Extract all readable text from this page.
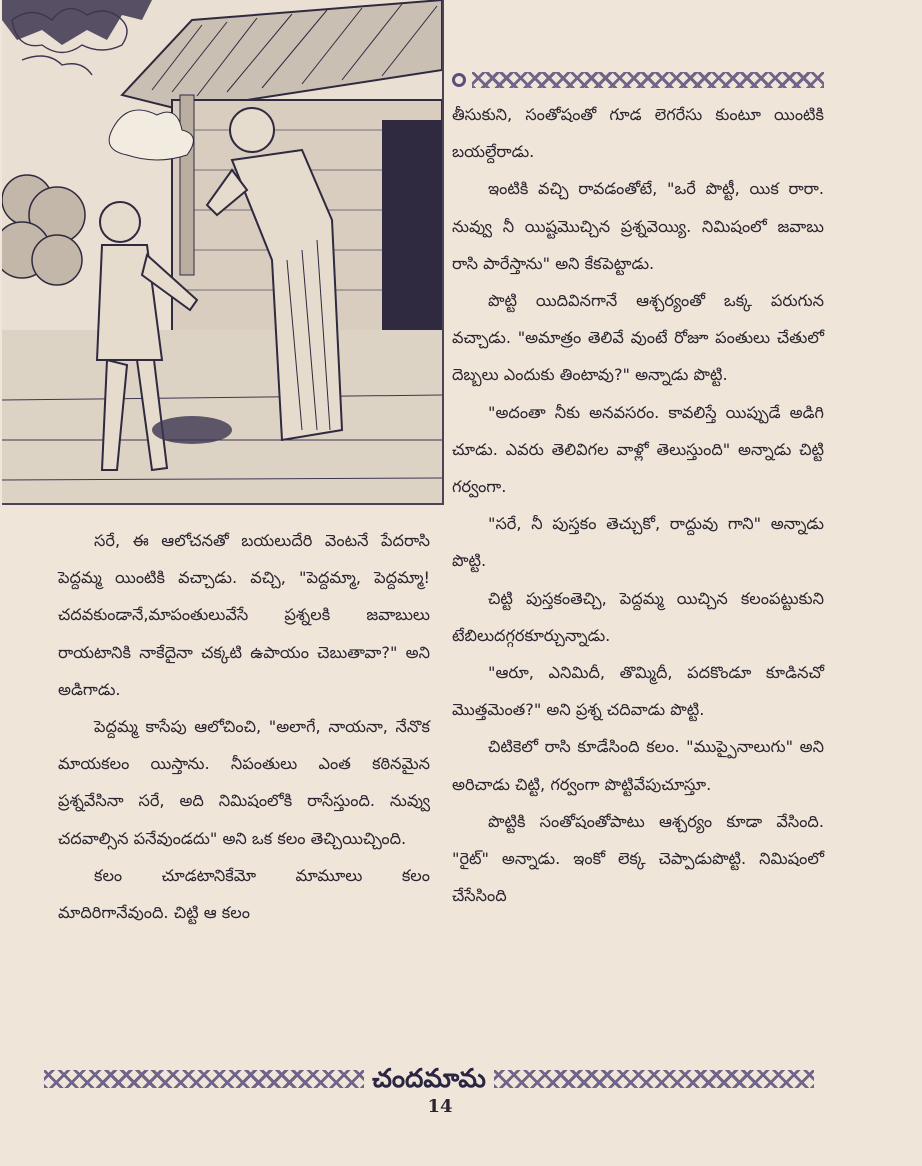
తీసుకుని, సంతోషంతో గూడ లెగరేసు కుంటూ యింటికి బయల్దేరాడు.

ఇంటికి వచ్చి రావడంతోటే, "ఒరే పొట్టీ, యిక రారా. నువ్వు నీ యిష్టమొచ్చిన ప్రశ్నవెయ్యి. నిమిషంలో జవాబు రాసి పారేస్తాను" అని కేకపెట్టాడు.

పొట్టి యిదివినగానే ఆశ్చర్యంతో ఒక్క పరుగున వచ్చాడు. "అమాత్రం తెలివే వుంటే రోజూ పంతులు చేతులో దెబ్బలు ఎందుకు తింటావు?" అన్నాడు పొట్టి.

"అదంతా నీకు అనవసరం. కావలిస్తే యిప్పుడే అడిగి చూడు. ఎవరు తెలివిగల వాళ్లో తెలుస్తుంది" అన్నాడు చిట్టి గర్వంగా.

"సరే, నీ పుస్తకం తెచ్చుకో, రాద్దువు గాని" అన్నాడు పొట్టి.

చిట్టి పుస్తకంతెచ్చి, పెద్దమ్మ యిచ్చిన కలంపట్టుకుని టేబిలుదగ్గరకూర్చున్నాడు.

"ఆరూ, ఎనిమిదీ, తొమ్మిదీ, పదకొండూ కూడినచో మొత్తమెంత?" అని ప్రశ్న చదివాడు పొట్టి.

చిటికెలో రాసి కూడేసింది కలం. "ముప్పైనాలుగు" అని అరిచాడు చిట్టి, గర్వంగా పొట్టివేపుచూస్తూ.

పొట్టికి సంతోషంతోపాటు ఆశ్చర్యం కూడా వేసింది. "రైట్" అన్నాడు. ఇంకో లెక్క చెప్పాడుపొట్టి. నిమిషంలో చేసేసింది

సరే, ఈ ఆలోచనతో బయలుదేరి వెంటనే పేదరాసి పెద్దమ్మ యింటికి వచ్చాడు. వచ్చి, "పెద్దమ్మా, పెద్దమ్మా! చదవకుండానే,మాపంతులువేసే ప్రశ్నలకి జవాబులు రాయటానికి నాకేదైనా చక్కటి ఉపాయం చెబుతావా?" అని అడిగాడు.

పెద్దమ్మ కాసేపు ఆలోచించి, "అలాగే, నాయనా, నేనొక మాయకలం యిస్తాను. నీపంతులు ఎంత కఠినమైన ప్రశ్నవేసినా సరే, అది నిమిషంలోకి రాసేస్తుంది. నువ్వు చదవాల్సిన పనేవుండదు" అని ఒక కలం తెచ్చియిచ్చింది.

కలం చూడటానికేమో మామూలు కలం మాదిరిగానేవుంది. చిట్టి ఆ కలం

చందమామ
14
